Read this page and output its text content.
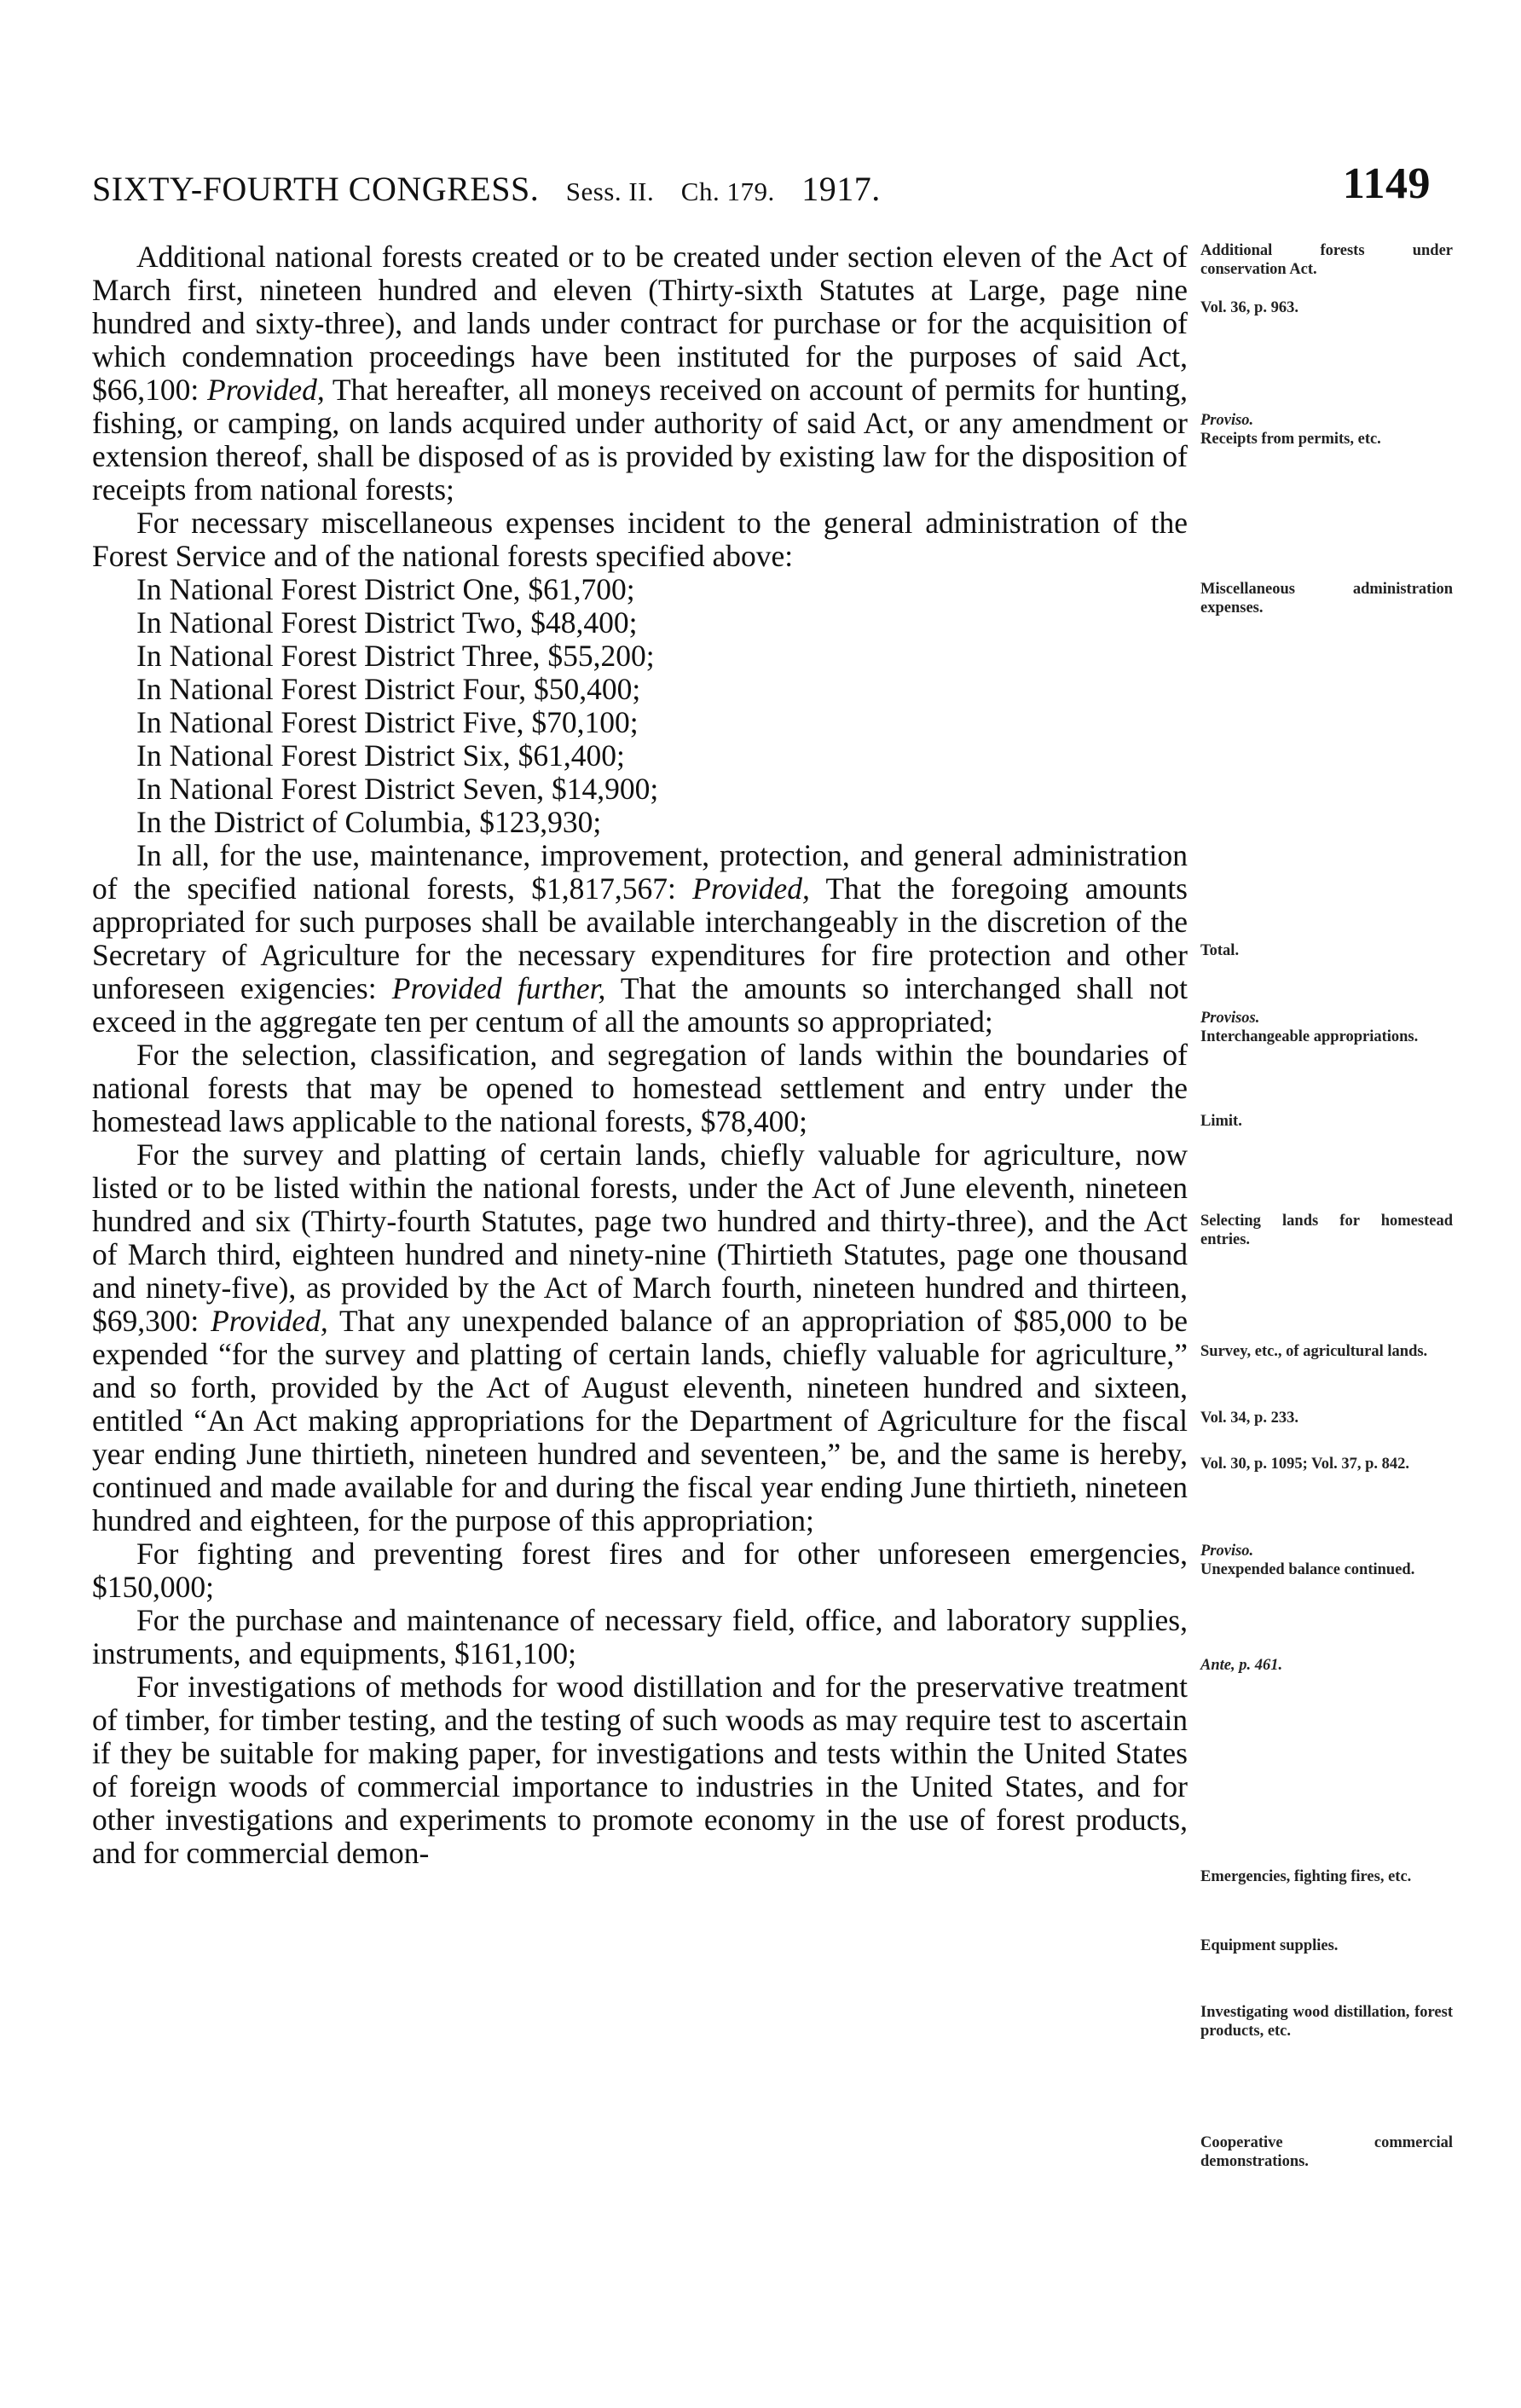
SIXTY-FOURTH CONGRESS. Sess. II. Ch. 179. 1917.	1149

Additional national forests created or to be created under section eleven of the Act of March first, nineteen hundred and eleven (Thirty-sixth Statutes at Large, page nine hundred and sixty-three), and lands under contract for purchase or for the acquisition of which condemnation proceedings have been instituted for the purposes of said Act, $66,100: Provided, That hereafter, all moneys received on account of permits for hunting, fishing, or camping, on lands acquired under authority of said Act, or any amendment or extension thereof, shall be disposed of as is provided by existing law for the disposition of receipts from national forests;

For necessary miscellaneous expenses incident to the general administration of the Forest Service and of the national forests specified above:

In National Forest District One, $61,700;

In National Forest District Two, $48,400;

In National Forest District Three, $55,200;

In National Forest District Four, $50,400;

In National Forest District Five, $70,100;

In National Forest District Six, $61,400;

In National Forest District Seven, $14,900;

In the District of Columbia, $123,930;

In all, for the use, maintenance, improvement, protection, and general administration of the specified national forests, $1,817,567: Provided, That the foregoing amounts appropriated for such purposes shall be available interchangeably in the discretion of the Secretary of Agriculture for the necessary expenditures for fire protection and other unforeseen exigencies: Provided further, That the amounts so interchanged shall not exceed in the aggregate ten per centum of all the amounts so appropriated;

For the selection, classification, and segregation of lands within the boundaries of national forests that may be opened to homestead settlement and entry under the homestead laws applicable to the national forests, $78,400;

For the survey and platting of certain lands, chiefly valuable for agriculture, now listed or to be listed within the national forests, under the Act of June eleventh, nineteen hundred and six (Thirty-fourth Statutes, page two hundred and thirty-three), and the Act of March third, eighteen hundred and ninety-nine (Thirtieth Statutes, page one thousand and ninety-five), as provided by the Act of March fourth, nineteen hundred and thirteen, $69,300: Provided, That any unexpended balance of an appropriation of $85,000 to be expended “for the survey and platting of certain lands, chiefly valuable for agriculture,” and so forth, provided by the Act of August eleventh, nineteen hundred and sixteen, entitled “An Act making appropriations for the Department of Agriculture for the fiscal year ending June thirtieth, nineteen hundred and seventeen,” be, and the same is hereby, continued and made available for and during the fiscal year ending June thirtieth, nineteen hundred and eighteen, for the purpose of this appropriation;

For fighting and preventing forest fires and for other unforeseen emergencies, $150,000;

For the purchase and maintenance of necessary field, office, and laboratory supplies, instruments, and equipments, $161,100;

For investigations of methods for wood distillation and for the preservative treatment of timber, for timber testing, and the testing of such woods as may require test to ascertain if they be suitable for making paper, for investigations and tests within the United States of foreign woods of commercial importance to industries in the United States, and for other investigations and experiments to promote economy in the use of forest products, and for commercial demon-

Additional forests under conservation Act.
Vol. 36, p. 963.
Proviso.
Receipts from permits, etc.
Miscellaneous administration expenses.
Total.
Provisos.
Interchangeable appropriations.
Limit.
Selecting lands for homestead entries.
Survey, etc., of agricultural lands.
Vol. 34, p. 233.
Vol. 30, p. 1095; Vol. 37, p. 842.
Proviso.
Unexpended balance continued.
Ante, p. 461.
Emergencies, fighting fires, etc.
Equipment supplies.
Investigating wood distillation, forest products, etc.
Cooperative commercial demonstrations.
